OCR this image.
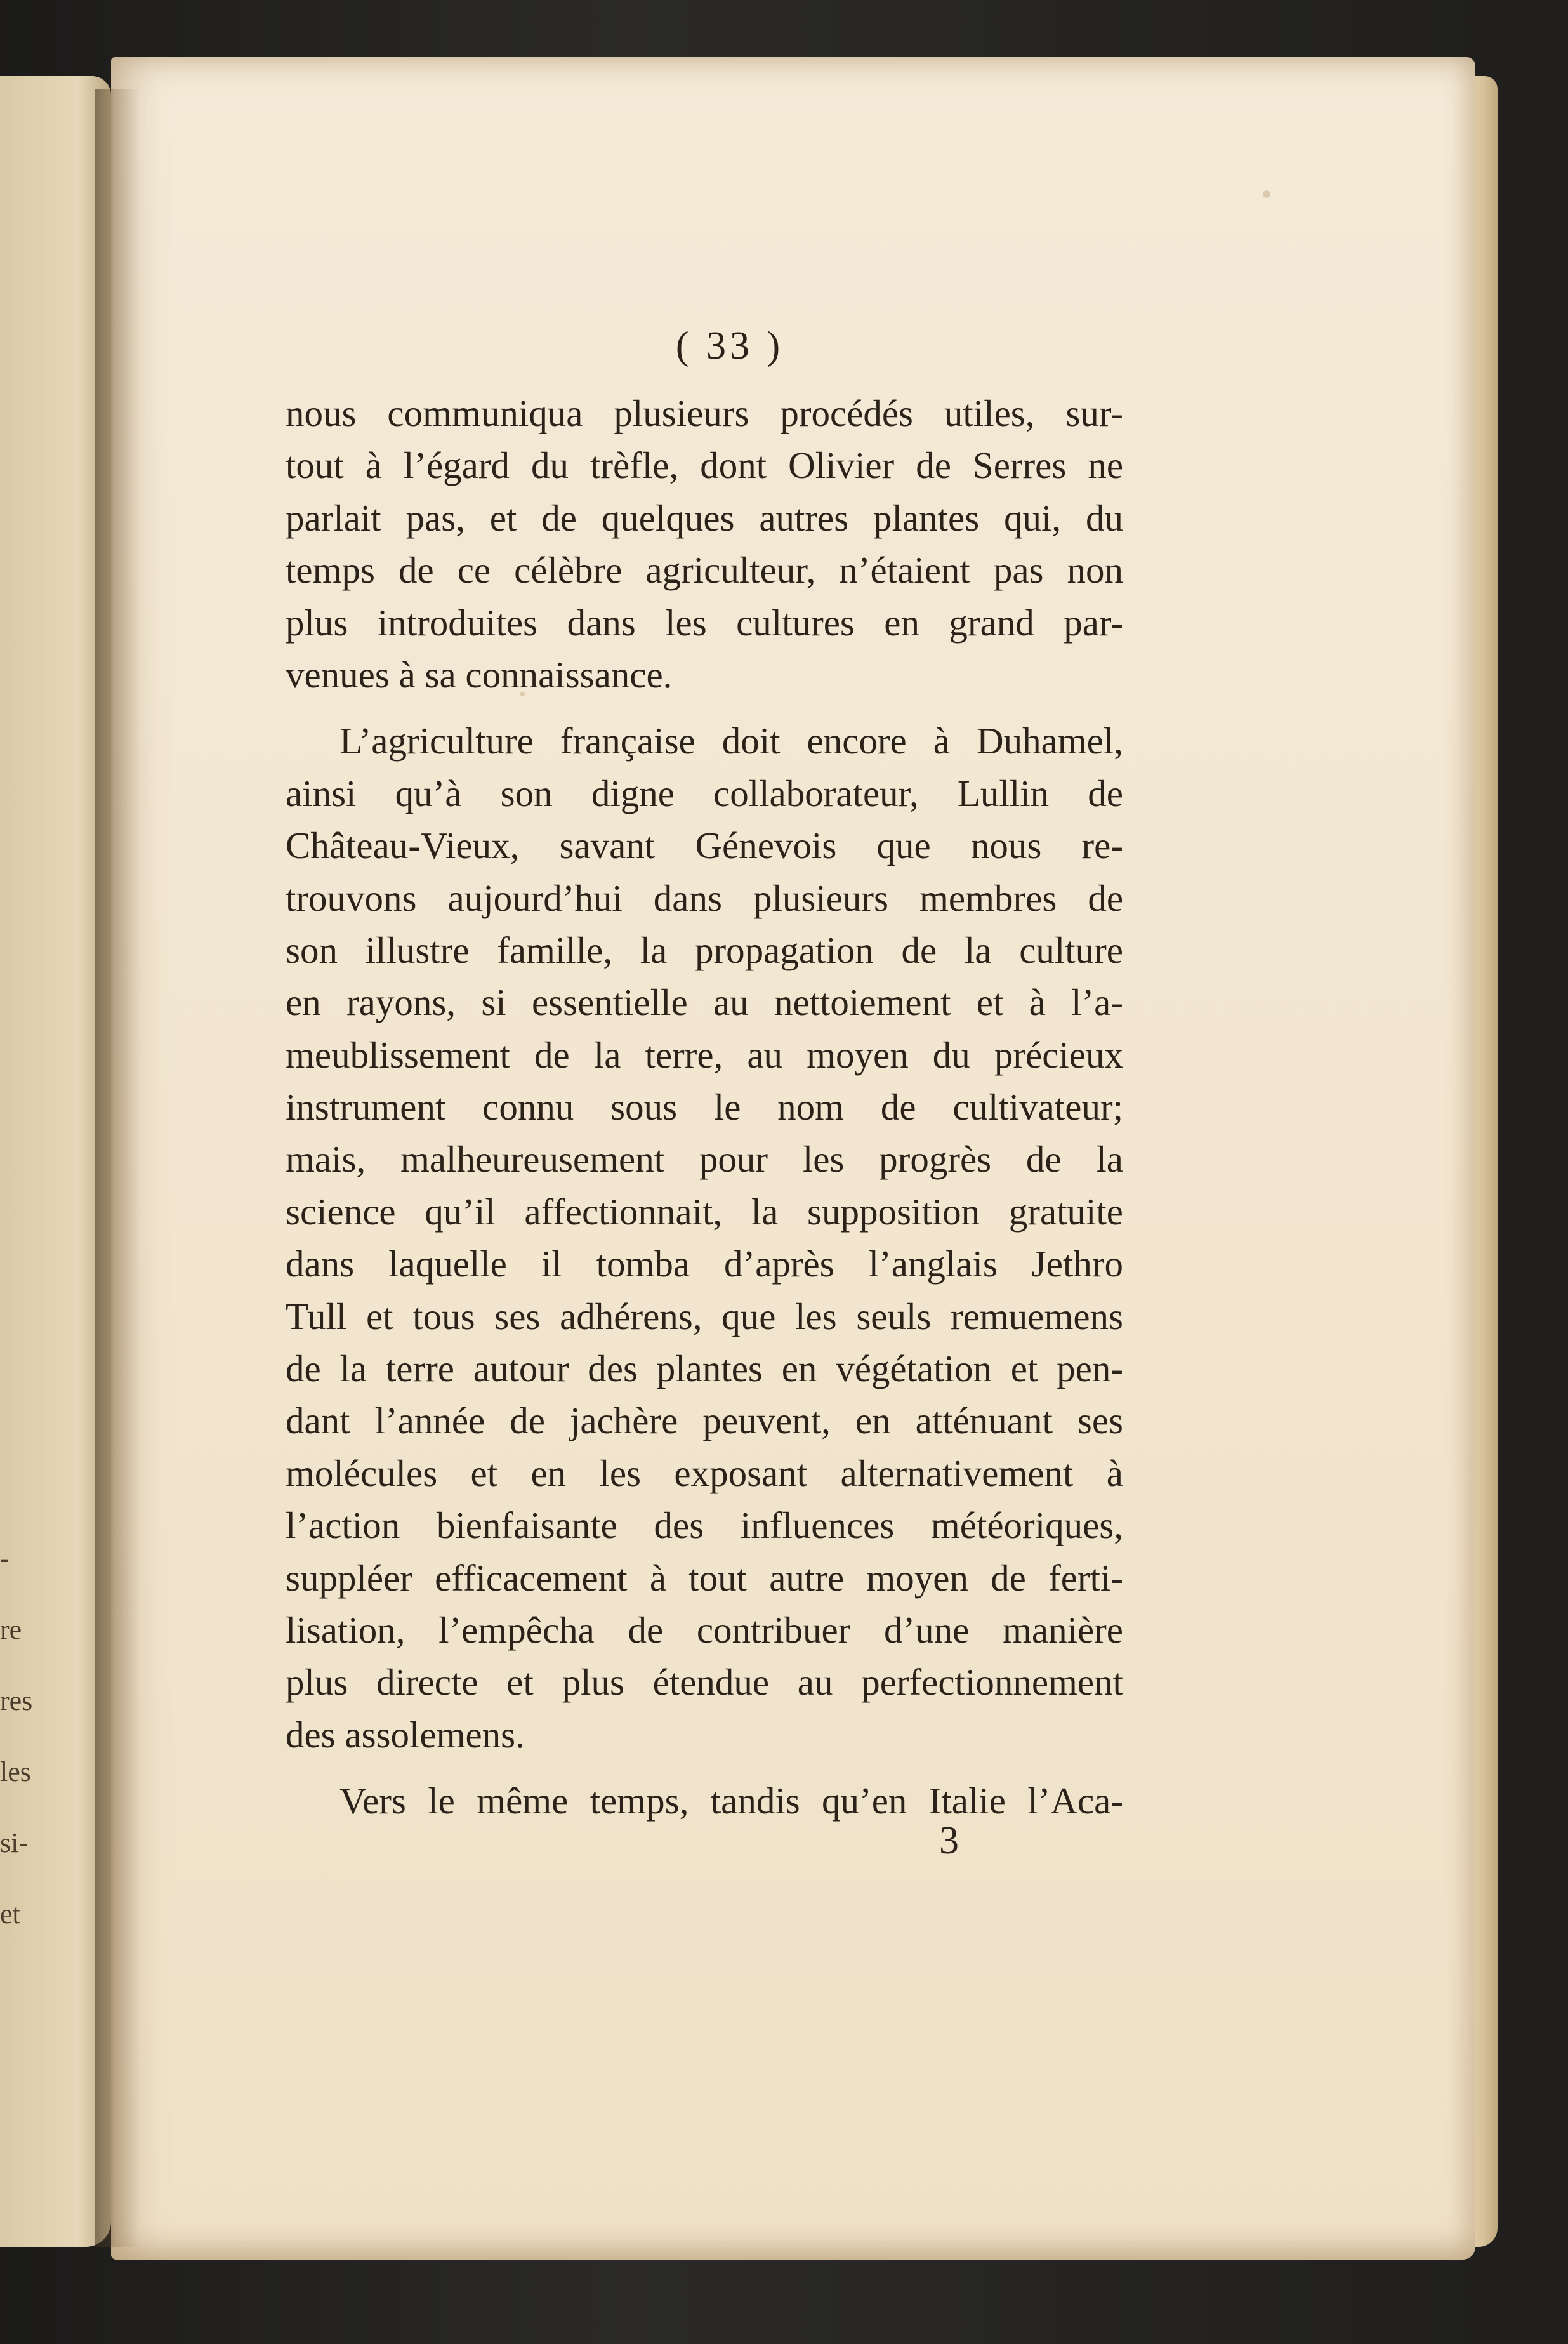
-
re
res
les
si-
et
( 33 )
nous communiqua plusieurs procédés utiles, sur-
tout à l’égard du trèfle, dont Olivier de Serres ne
parlait pas, et de quelques autres plantes qui, du
temps de ce célèbre agriculteur, n’étaient pas non
plus introduites dans les cultures en grand par-
venues à sa connaissance.
L’agriculture française doit encore à Duhamel,
ainsi qu’à son digne collaborateur, Lullin de
Château-Vieux, savant Génevois que nous re-
trouvons aujourd’hui dans plusieurs membres de
son illustre famille, la propagation de la culture
en rayons, si essentielle au nettoiement et à l’a-
meublissement de la terre, au moyen du précieux
instrument connu sous le nom de cultivateur;
mais, malheureusement pour les progrès de la
science qu’il affectionnait, la supposition gratuite
dans laquelle il tomba d’après l’anglais Jethro
Tull et tous ses adhérens, que les seuls remuemens
de la terre autour des plantes en végétation et pen-
dant l’année de jachère peuvent, en atténuant ses
molécules et en les exposant alternativement à
l’action bienfaisante des influences météoriques,
suppléer efficacement à tout autre moyen de ferti-
lisation, l’empêcha de contribuer d’une manière
plus directe et plus étendue au perfectionnement
des assolemens.
Vers le même temps, tandis qu’en Italie l’Aca-
3
